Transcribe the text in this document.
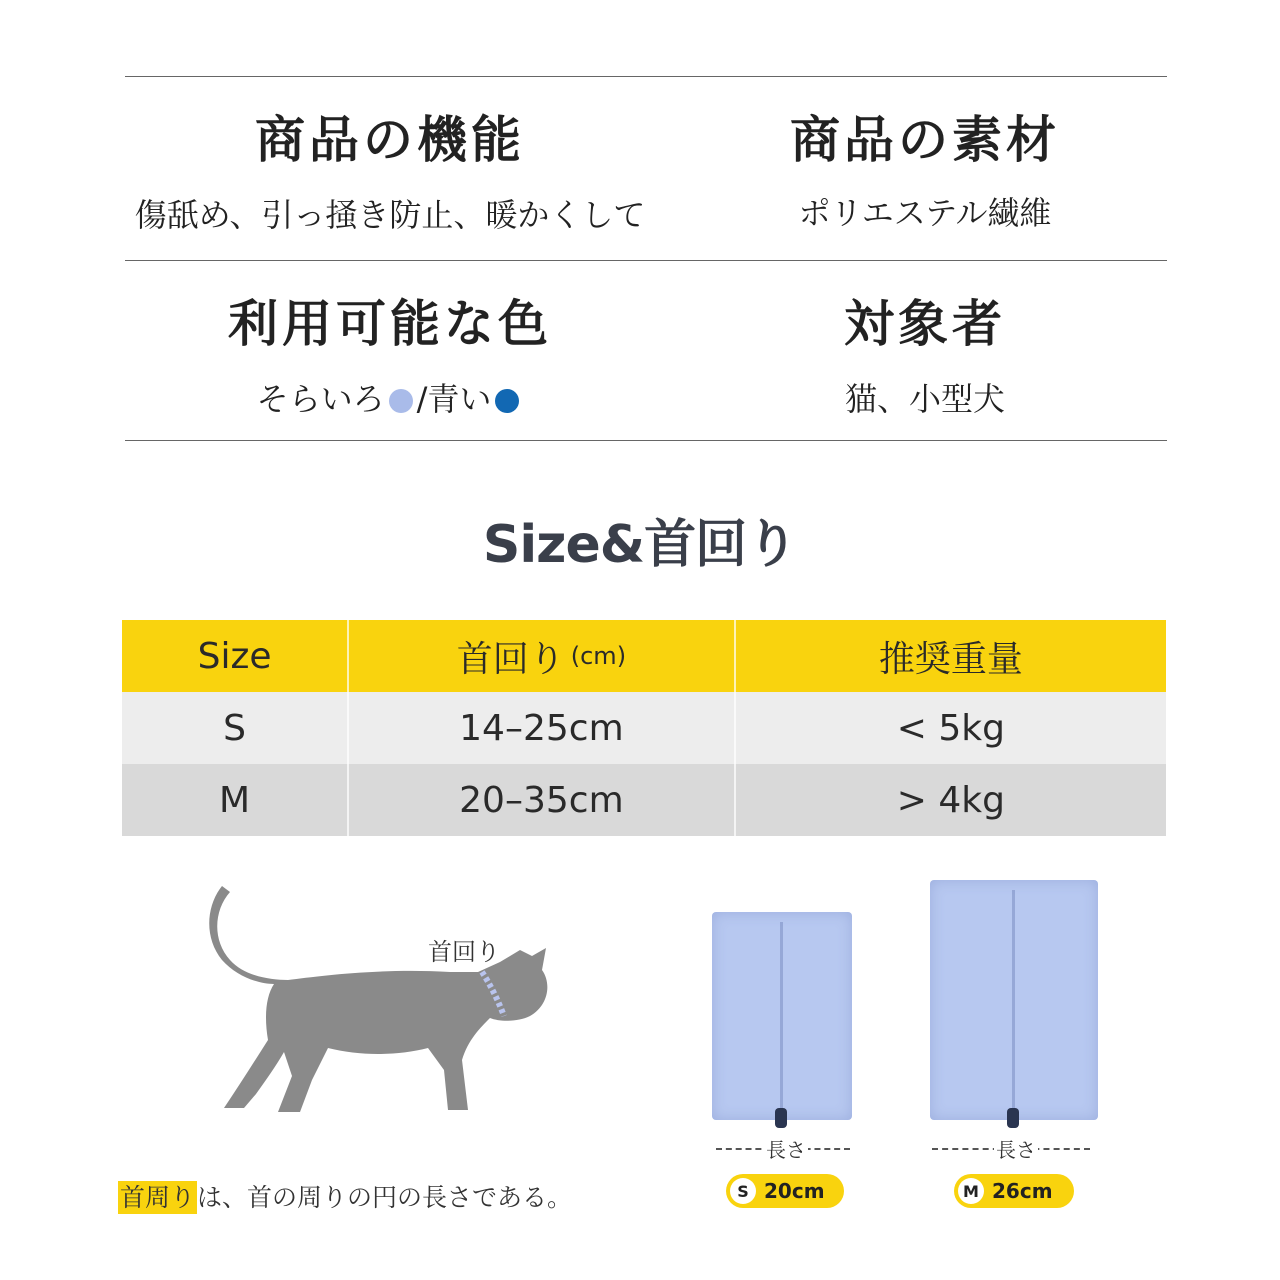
商品の機能
傷舐め、引っ掻き防止、暖かくして
商品の素材
ポリエステル繊維
利用可能な色
そらいろ /青い
対象者
猫、小型犬
Size&首回り
Size	首回り (cm)	推奨重量
S	14–25cm	< 5kg
M	20–35cm	> 4kg
首回り
首周りは、首の周りの円の長さである。
長さ
S 20cm
長さ
M 26cm
